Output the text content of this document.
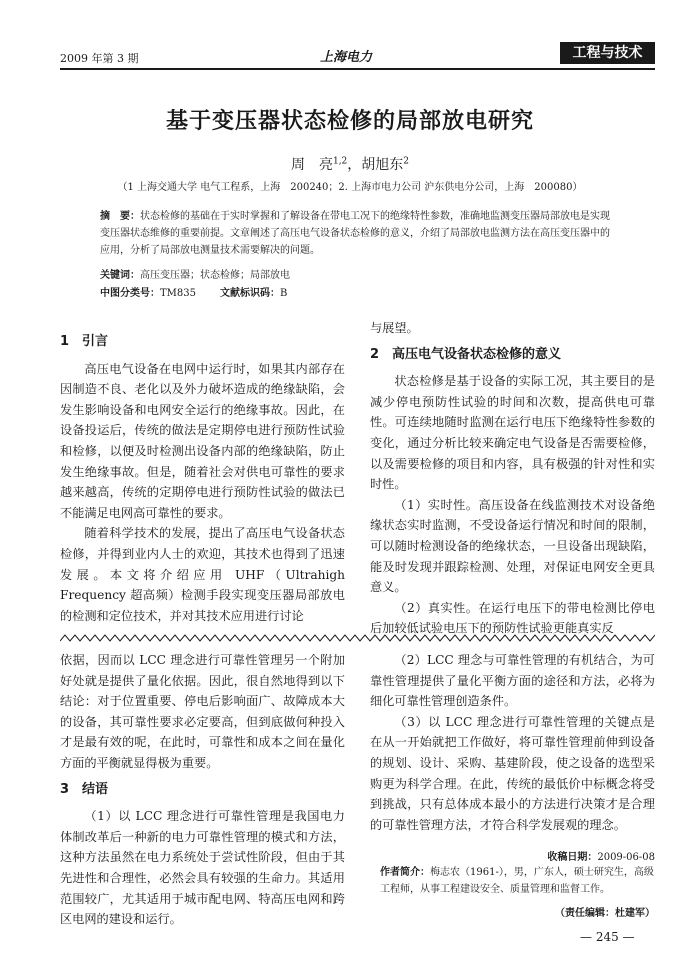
2009 年第 3 期	上海电力	工程与技术
基于变压器状态检修的局部放电研究
周　亮$^{1,2}$，胡旭东$^2$
（1 上海交通大学 电气工程系，上海　200240；2. 上海市电力公司 沪东供电分公司，上海　200080）
摘　要：状态检修的基础在于实时掌握和了解设备在带电工况下的绝缘特性参数，准确地监测变压器局部放电是实现变压器状态维修的重要前提。文章阐述了高压电气设备状态检修的意义，介绍了局部放电监测方法在高压变压器中的应用，分析了局部放电测量技术需要解决的问题。
关键词：高压变压器；状态检修；局部放电
中图分类号：TM835 文献标识码：B
1 引言

高压电气设备在电网中运行时，如果其内部存在因制造不良、老化以及外力破坏造成的绝缘缺陷，会发生影响设备和电网安全运行的绝缘事故。因此，在设备投运后，传统的做法是定期停电进行预防性试验和检修，以便及时检测出设备内部的绝缘缺陷，防止发生绝缘事故。但是，随着社会对供电可靠性的要求越来越高，传统的定期停电进行预防性试验的做法已不能满足电网高可靠性的要求。

随着科学技术的发展，提出了高压电气设备状态检修，并得到业内人士的欢迎，其技术也得到了迅速发展。本文将介绍应用 UHF（Ultrahigh Frequency 超高频）检测手段实现变压器局部放电的检测和定位技术，并对其技术应用进行讨论

与展望。

2 高压电气设备状态检修的意义

状态检修是基于设备的实际工况，其主要目的是减少停电预防性试验的时间和次数，提高供电可靠性。可连续地随时监测在运行电压下绝缘特性参数的变化，通过分析比较来确定电气设备是否需要检修，以及需要检修的项目和内容，具有极强的针对性和实时性。

（1）实时性。高压设备在线监测技术对设备绝缘状态实时监测，不受设备运行情况和时间的限制，可以随时检测设备的绝缘状态，一旦设备出现缺陷，能及时发现并跟踪检测、处理，对保证电网安全更具意义。

（2）真实性。在运行电压下的带电检测比停电后加较低试验电压下的预防性试验更能真实反

依据，因而以 LCC 理念进行可靠性管理另一个附加好处就是提供了量化依据。因此，很自然地得到以下结论：对于位置重要、停电后影响面广、故障成本大的设备，其可靠性要求必定要高，但到底做何种投入才是最有效的呢，在此时，可靠性和成本之间在量化方面的平衡就显得极为重要。

3 结语

（1）以 LCC 理念进行可靠性管理是我国电力体制改革后一种新的电力可靠性管理的模式和方法，这种方法虽然在电力系统处于尝试性阶段，但由于其先进性和合理性，必然会具有较强的生命力。其适用范围较广，尤其适用于城市配电网、特高压电网和跨区电网的建设和运行。

（2）LCC 理念与可靠性管理的有机结合，为可靠性管理提供了量化平衡方面的途径和方法，必将为细化可靠性管理创造条件。

（3）以 LCC 理念进行可靠性管理的关键点是在从一开始就把工作做好，将可靠性管理前伸到设备的规划、设计、采购、基建阶段，使之设备的选型采购更为科学合理。在此，传统的最低价中标概念将受到挑战，只有总体成本最小的方法进行决策才是合理的可靠性管理方法，才符合科学发展观的理念。

收稿日期：2009-06-08
作者简介：梅志农（1961-），男，广东人，硕士研究生，高级工程师，从事工程建设安全、质量管理和监督工作。
（责任编辑：杜建军）
— 245 —
